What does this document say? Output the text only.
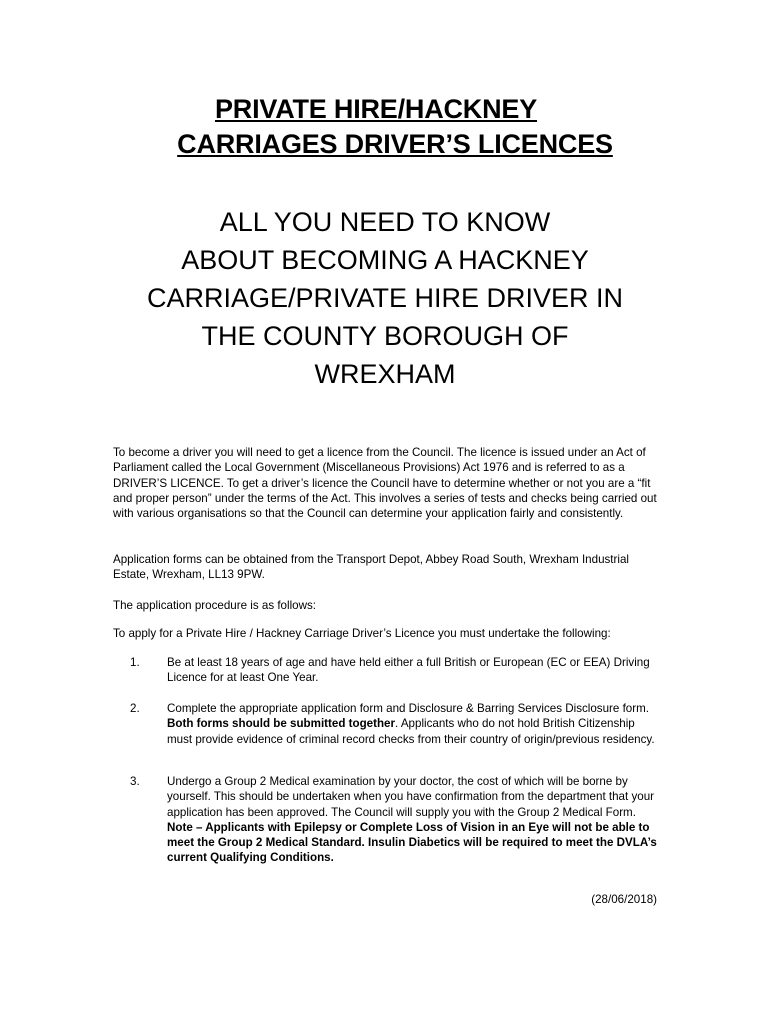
PRIVATE HIRE/HACKNEY
CARRIAGES DRIVER’S LICENCES
ALL YOU NEED TO KNOW
ABOUT BECOMING A HACKNEY
CARRIAGE/PRIVATE HIRE DRIVER IN
THE COUNTY BOROUGH OF
WREXHAM
To become a driver you will need to get a licence from the Council. The licence is issued under an Act of Parliament called the Local Government (Miscellaneous Provisions) Act 1976 and is referred to as a DRIVER’S LICENCE. To get a driver’s licence the Council have to determine whether or not you are a “fit and proper person” under the terms of the Act. This involves a series of tests and checks being carried out with various organisations so that the Council can determine your application fairly and consistently.
Application forms can be obtained from the Transport Depot, Abbey Road South, Wrexham Industrial Estate, Wrexham, LL13 9PW.
The application procedure is as follows:
To apply for a Private Hire / Hackney Carriage Driver’s Licence you must undertake the following:
1. Be at least 18 years of age and have held either a full British or European (EC or EEA) Driving Licence for at least One Year.
2. Complete the appropriate application form and Disclosure & Barring Services Disclosure form. Both forms should be submitted together. Applicants who do not hold British Citizenship must provide evidence of criminal record checks from their country of origin/previous residency.
3. Undergo a Group 2 Medical examination by your doctor, the cost of which will be borne by yourself. This should be undertaken when you have confirmation from the department that your application has been approved. The Council will supply you with the Group 2 Medical Form. Note – Applicants with Epilepsy or Complete Loss of Vision in an Eye will not be able to meet the Group 2 Medical Standard. Insulin Diabetics will be required to meet the DVLA’s current Qualifying Conditions.
(28/06/2018)
